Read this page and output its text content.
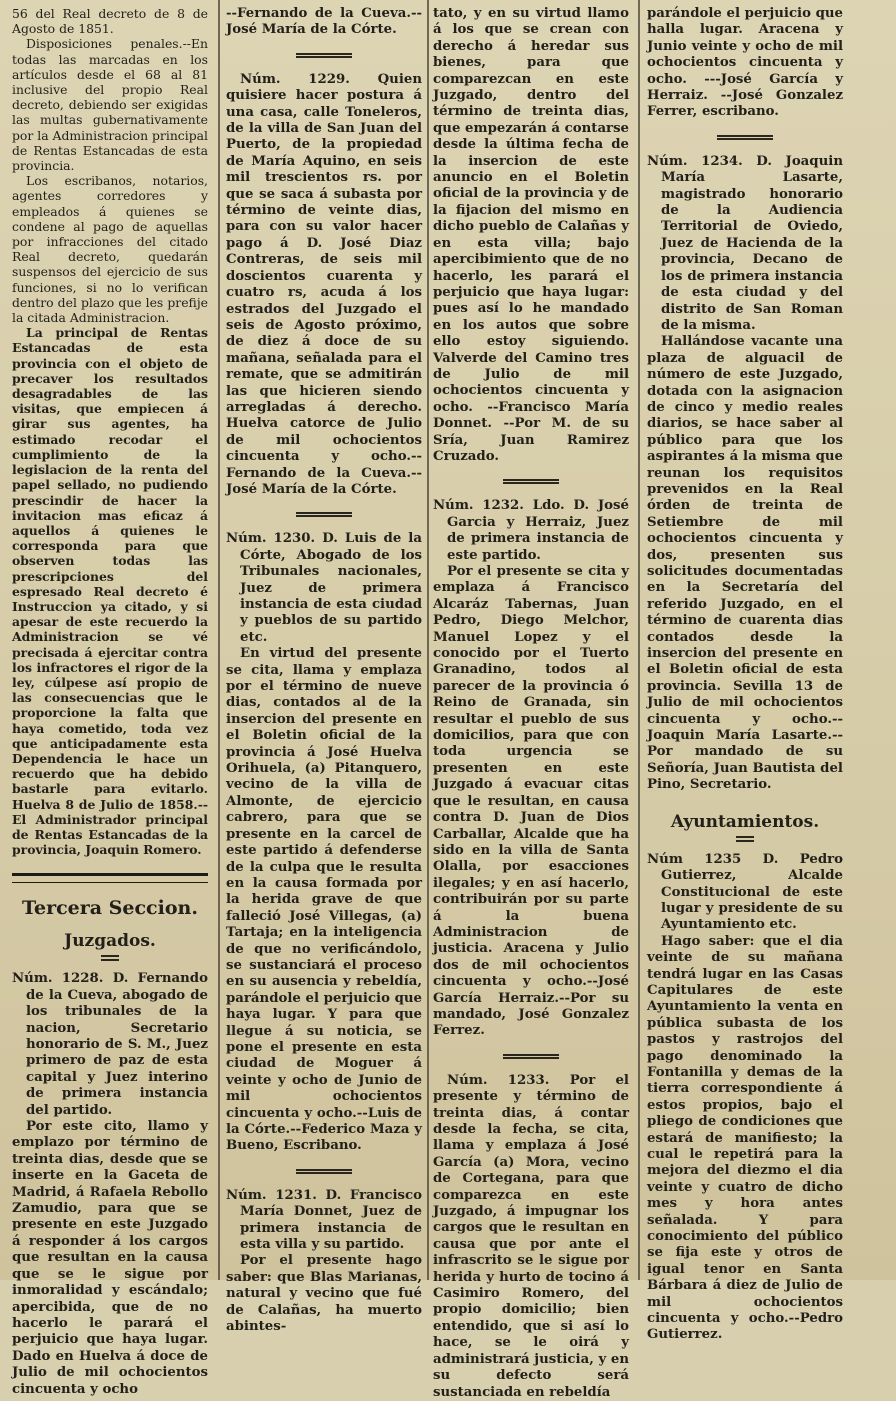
56 del Real decreto de 8 de Agosto de 1851.

Disposiciones penales.--En todas las marcadas en los artículos desde el 68 al 81 inclusive del propio Real decreto, debiendo ser exigidas las multas gubernativamente por la Administracion principal de Rentas Estancadas de esta provincia.

Los escribanos, notarios, agentes corredores y empleados á quienes se condene al pago de aquellas por infracciones del citado Real decreto, quedarán suspensos del ejercicio de sus funciones, si no lo verifican dentro del plazo que les prefije la citada Administracion.

La principal de Rentas Estancadas de esta provincia con el objeto de precaver los resultados desagradables de las visitas, que empiecen á girar sus agentes, ha estimado recodar el cumplimiento de la legislacion de la renta del papel sellado, no pudiendo prescindir de hacer la invitacion mas eficaz á aquellos á quienes le corresponda para que observen todas las prescripciones del espresado Real decreto é Instruccion ya citado, y si apesar de este recuerdo la Administracion se vé precisada á ejercitar contra los infractores el rigor de la ley, cúlpese así propio de las consecuencias que le proporcione la falta que haya cometido, toda vez que anticipadamente esta Dependencia le hace un recuerdo que ha debido bastarle para evitarlo. Huelva 8 de Julio de 1858.--El Administrador principal de Rentas Estancadas de la provincia, Joaquin Romero.

Tercera Seccion.
Juzgados.

Núm. 1228. D. Fernando de la Cueva, abogado de los tribunales de la nacion, Secretario honorario de S. M., Juez primero de paz de esta capital y Juez interino de primera instancia del partido.

Por este cito, llamo y emplazo por término de treinta dias, desde que se inserte en la Gaceta de Madrid, á Rafaela Rebollo Zamudio, para que se presente en este Juzgado á responder á los cargos que resultan en la causa que se le sigue por inmoralidad y escándalo; apercibida, que de no hacerlo le parará el perjuicio que haya lugar. Dado en Huelva á doce de Julio de mil ochocientos cincuenta y ocho

--Fernando de la Cueva.--José María de la Córte.

Núm. 1229. Quien quisiere hacer postura á una casa, calle Toneleros, de la villa de San Juan del Puerto, de la propiedad de María Aquino, en seis mil trescientos rs. por que se saca á subasta por término de veinte dias, para con su valor hacer pago á D. José Diaz Contreras, de seis mil doscientos cuarenta y cuatro rs, acuda á los estrados del Juzgado el seis de Agosto próximo, de diez á doce de su mañana, señalada para el remate, que se admitirán las que hicieren siendo arregladas á derecho. Huelva catorce de Julio de mil ochocientos cincuenta y ocho.--Fernando de la Cueva.--José María de la Córte.

Núm. 1230. D. Luis de la Córte, Abogado de los Tribunales nacionales, Juez de primera instancia de esta ciudad y pueblos de su partido etc.

En virtud del presente se cita, llama y emplaza por el término de nueve dias, contados al de la insercion del presente en el Boletin oficial de la provincia á José Huelva Orihuela, (a) Pitanquero, vecino de la villa de Almonte, de ejercicio cabrero, para que se presente en la carcel de este partido á defenderse de la culpa que le resulta en la causa formada por la herida grave de que falleció José Villegas, (a) Tartaja; en la inteligencia de que no verificándolo, se sustanciará el proceso en su ausencia y rebeldía, parándole el perjuicio que haya lugar. Y para que llegue á su noticia, se pone el presente en esta ciudad de Moguer á veinte y ocho de Junio de mil ochocientos cincuenta y ocho.--Luis de la Córte.--Federico Maza y Bueno, Escribano.

Núm. 1231. D. Francisco María Donnet, Juez de primera instancia de esta villa y su partido.

Por el presente hago saber: que Blas Marianas, natural y vecino que fué de Calañas, ha muerto abintes-

tato, y en su virtud llamo á los que se crean con derecho á heredar sus bienes, para que comparezcan en este Juzgado, dentro del término de treinta dias, que empezarán á contarse desde la última fecha de la insercion de este anuncio en el Boletin oficial de la provincia y de la fijacion del mismo en dicho pueblo de Calañas y en esta villa; bajo apercibimiento que de no hacerlo, les parará el perjuicio que haya lugar: pues así lo he mandado en los autos que sobre ello estoy siguiendo. Valverde del Camino tres de Julio de mil ochocientos cincuenta y ocho. --Francisco María Donnet. --Por M. de su Sría, Juan Ramirez Cruzado.

Núm. 1232. Ldo. D. José Garcia y Herraiz, Juez de primera instancia de este partido.

Por el presente se cita y emplaza á Francisco Alcaráz Tabernas, Juan Pedro, Diego Melchor, Manuel Lopez y el conocido por el Tuerto Granadino, todos al parecer de la provincia ó Reino de Granada, sin resultar el pueblo de sus domicilios, para que con toda urgencia se presenten en este Juzgado á evacuar citas que le resultan, en causa contra D. Juan de Dios Carballar, Alcalde que ha sido en la villa de Santa Olalla, por esacciones ilegales; y en así hacerlo, contribuirán por su parte á la buena Administracion de justicia. Aracena y Julio dos de mil ochocientos cincuenta y ocho.--José García Herraiz.--Por su mandado, José Gonzalez Ferrez.

Núm. 1233. Por el presente y término de treinta dias, á contar desde la fecha, se cita, llama y emplaza á José García (a) Mora, vecino de Cortegana, para que comparezca en este Juzgado, á impugnar los cargos que le resultan en causa que por ante el infrascrito se le sigue por herida y hurto de tocino á Casimiro Romero, del propio domicilio; bien entendido, que si así lo hace, se le oirá y administrará justicia, y en su defecto será sustanciada en rebeldía

parándole el perjuicio que halla lugar. Aracena y Junio veinte y ocho de mil ochocientos cincuenta y ocho. ---José García y Herraiz. --José Gonzalez Ferrer, escribano.

Núm. 1234. D. Joaquin María Lasarte, magistrado honorario de la Audiencia Territorial de Oviedo, Juez de Hacienda de la provincia, Decano de los de primera instancia de esta ciudad y del distrito de San Roman de la misma.

Hallándose vacante una plaza de alguacil de número de este Juzgado, dotada con la asignacion de cinco y medio reales diarios, se hace saber al público para que los aspirantes á la misma que reunan los requisitos prevenidos en la Real órden de treinta de Setiembre de mil ochocientos cincuenta y dos, presenten sus solicitudes documentadas en la Secretaría del referido Juzgado, en el término de cuarenta dias contados desde la insercion del presente en el Boletin oficial de esta provincia. Sevilla 13 de Julio de mil ochocientos cincuenta y ocho.--Joaquin María Lasarte.--Por mandado de su Señoría, Juan Bautista del Pino, Secretario.

Ayuntamientos.

Núm 1235 D. Pedro Gutierrez, Alcalde Constitucional de este lugar y presidente de su Ayuntamiento etc.

Hago saber: que el dia veinte de su mañana tendrá lugar en las Casas Capitulares de este Ayuntamiento la venta en pública subasta de los pastos y rastrojos del pago denominado la Fontanilla y demas de la tierra correspondiente á estos propios, bajo el pliego de condiciones que estará de manifiesto; la cual le repetirá para la mejora del diezmo el dia veinte y cuatro de dicho mes y hora antes señalada. Y para conocimiento del público se fija este y otros de igual tenor en Santa Bárbara á diez de Julio de mil ochocientos cincuenta y ocho.--Pedro Gutierrez.
